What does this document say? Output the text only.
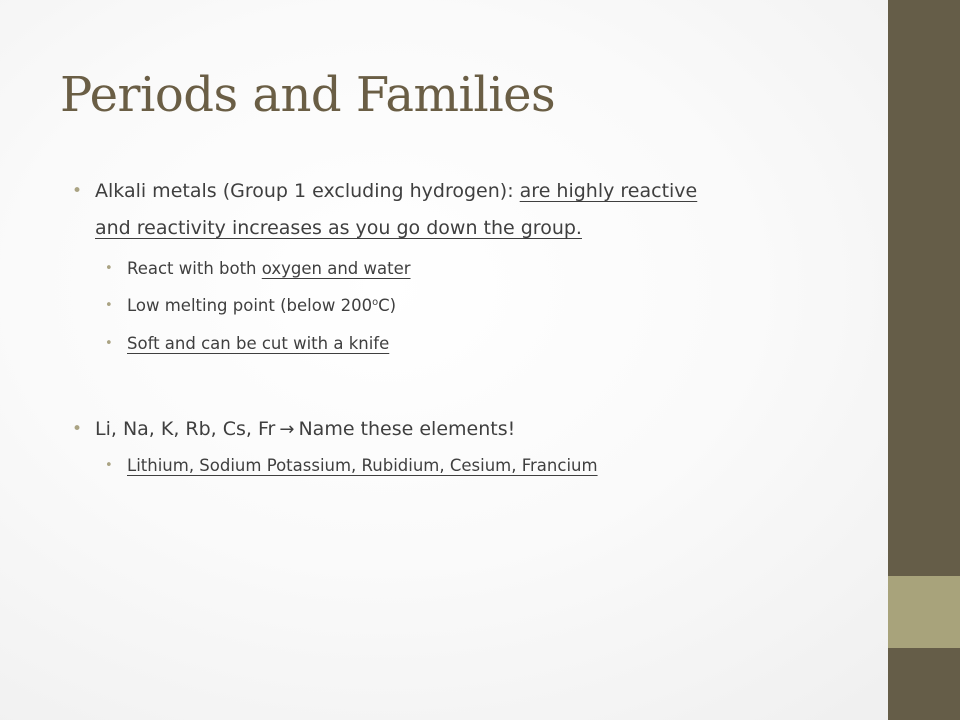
Periods and Families

• Alkali metals (Group 1 excluding hydrogen): are highly reactive

and reactivity increases as you go down the group.

• React with both oxygen and water

• Low melting point (below 200$^o$C)

• Soft and can be cut with a knife

• Li, Na, K, Rb, Cs, Fr → Name these elements!

• Lithium, Sodium Potassium, Rubidium, Cesium, Francium
